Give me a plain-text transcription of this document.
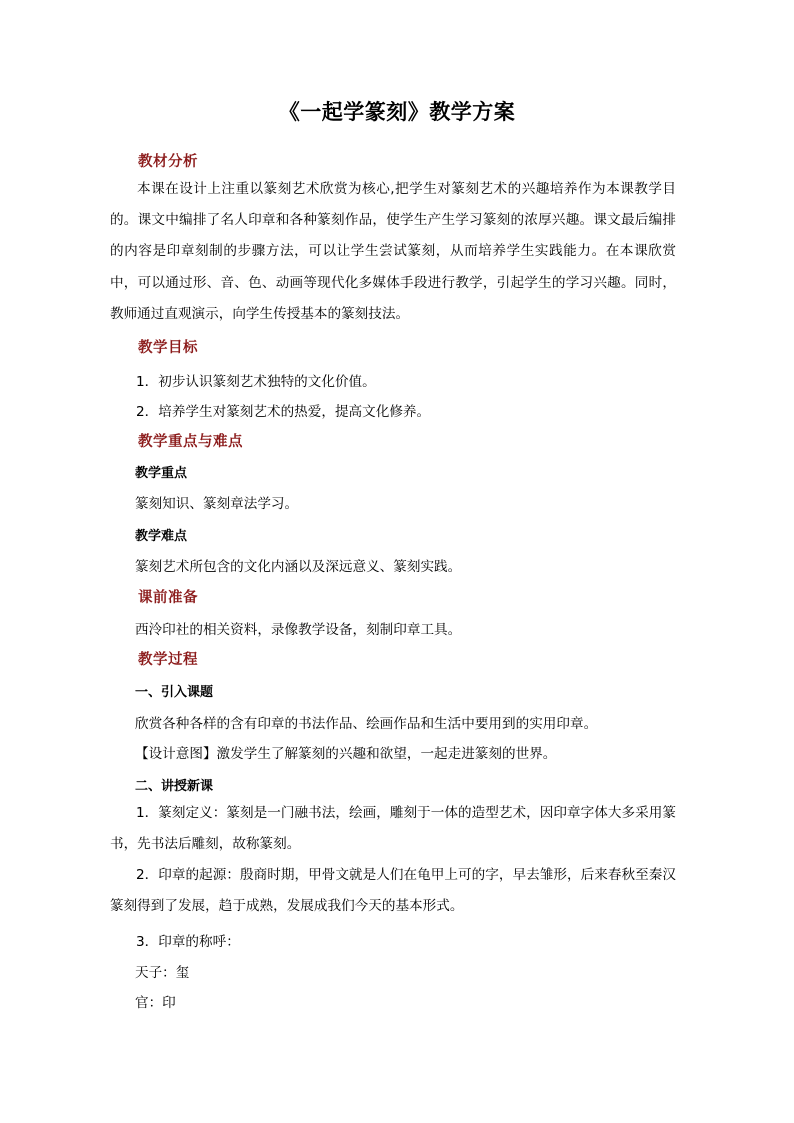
《一起学篆刻》教学方案
教材分析
本课在设计上注重以篆刻艺术欣赏为核心,把学生对篆刻艺术的兴趣培养作为本课教学目的。课文中编排了名人印章和各种篆刻作品，使学生产生学习篆刻的浓厚兴趣。课文最后编排的内容是印章刻制的步骤方法，可以让学生尝试篆刻，从而培养学生实践能力。在本课欣赏中，可以通过形、音、色、动画等现代化多媒体手段进行教学，引起学生的学习兴趣。同时，教师通过直观演示，向学生传授基本的篆刻技法。
教学目标
1．初步认识篆刻艺术独特的文化价值。
2．培养学生对篆刻艺术的热爱，提高文化修养。
教学重点与难点
教学重点
篆刻知识、篆刻章法学习。
教学难点
篆刻艺术所包含的文化内涵以及深远意义、篆刻实践。
课前准备
西泠印社的相关资料，录像教学设备，刻制印章工具。
教学过程
一、引入课题
欣赏各种各样的含有印章的书法作品、绘画作品和生活中要用到的实用印章。
【设计意图】激发学生了解篆刻的兴趣和欲望，一起走进篆刻的世界。
二、讲授新课
1．篆刻定义：篆刻是一门融书法，绘画，雕刻于一体的造型艺术，因印章字体大多采用篆书，先书法后雕刻，故称篆刻。
2．印章的起源：殷商时期，甲骨文就是人们在龟甲上可的字，早去雏形，后来春秋至秦汉篆刻得到了发展，趋于成熟，发展成我们今天的基本形式。
3．印章的称呼：
天子：玺
官：印
